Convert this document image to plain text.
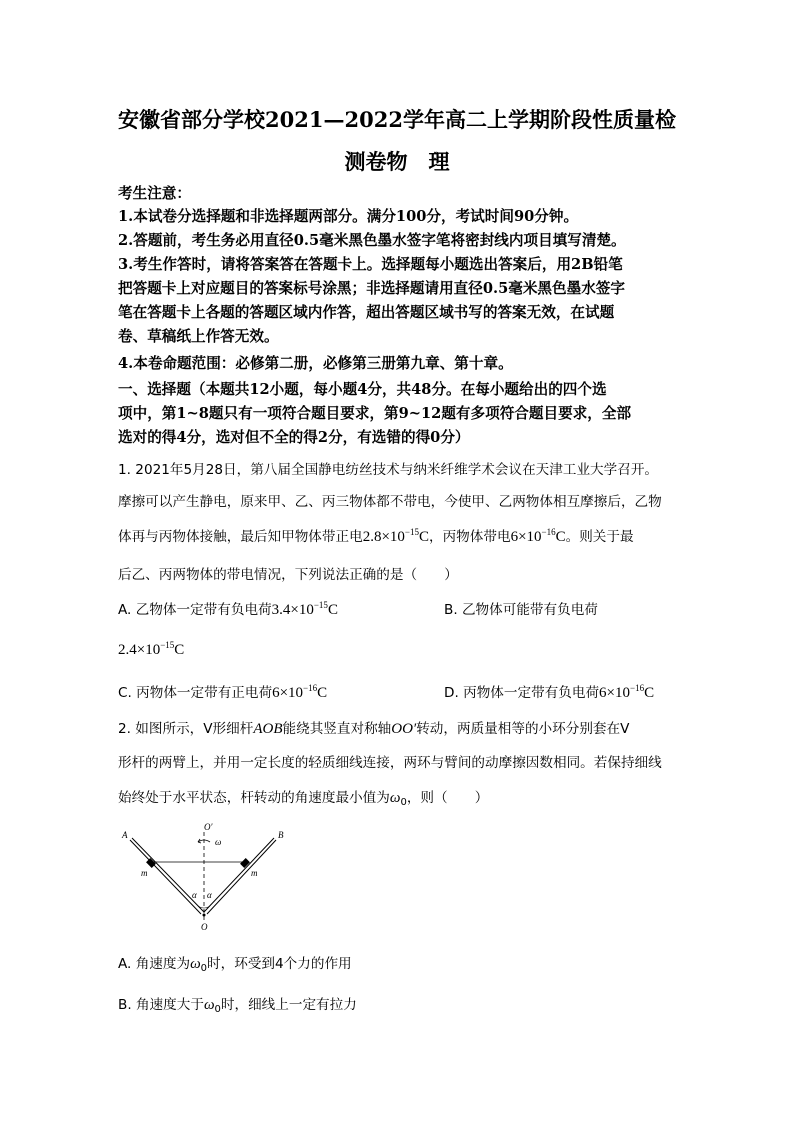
安徽省部分学校2021—2022学年高二上学期阶段性质量检
测卷物　理
考生注意：
1.本试卷分选择题和非选择题两部分。满分100分，考试时间90分钟。
2.答题前，考生务必用直径0.5毫米黑色墨水签字笔将密封线内项目填写清楚。
3.考生作答时，请将答案答在答题卡上。选择题每小题选出答案后，用2B铅笔
把答题卡上对应题目的答案标号涂黑；非选择题请用直径0.5毫米黑色墨水签字
笔在答题卡上各题的答题区域内作答，超出答题区域书写的答案无效，在试题
卷、草稿纸上作答无效。
4.本卷命题范围：必修第二册，必修第三册第九章、第十章。
一、选择题（本题共12小题，每小题4分，共48分。在每小题给出的四个选
项中，第1~8题只有一项符合题目要求，第9~12题有多项符合题目要求，全部
选对的得4分，选对但不全的得2分，有选错的得0分）
1. 2021年5月28日，第八届全国静电纺丝技术与纳米纤维学术会议在天津工业大学召开。
摩擦可以产生静电，原来甲、乙、丙三物体都不带电，今使甲、乙两物体相互摩擦后，乙物
体再与丙物体接触，最后知甲物体带正电$2.8\times 10^{-15}C$，丙物体带电$6\times 10^{-16}C$。则关于最
后乙、丙两物体的带电情况，下列说法正确的是（　　）
A. 乙物体一定带有负电荷$3.4\times 10^{-15}C$	B. 乙物体可能带有负电荷
$2.4\times 10^{-15}C$
C. 丙物体一定带有正电荷$6\times 10^{-16}C$	D. 丙物体一定带有负电荷$6\times 10^{-16}C$
2. 如图所示，V形细杆AOB能绕其竖直对称轴OO′转动，两质量相等的小环分别套在V
形杆的两臂上，并用一定长度的轻质细线连接，两环与臂间的动摩擦因数相同。若保持细线
始终处于水平状态，杆转动的角速度最小值为$\omega_0$，则（　　）
A	B
O′
ω
m	m
α α
O
A. 角速度为$\omega_0$时，环受到4个力的作用
B. 角速度大于$\omega_0$时，细线上一定有拉力
